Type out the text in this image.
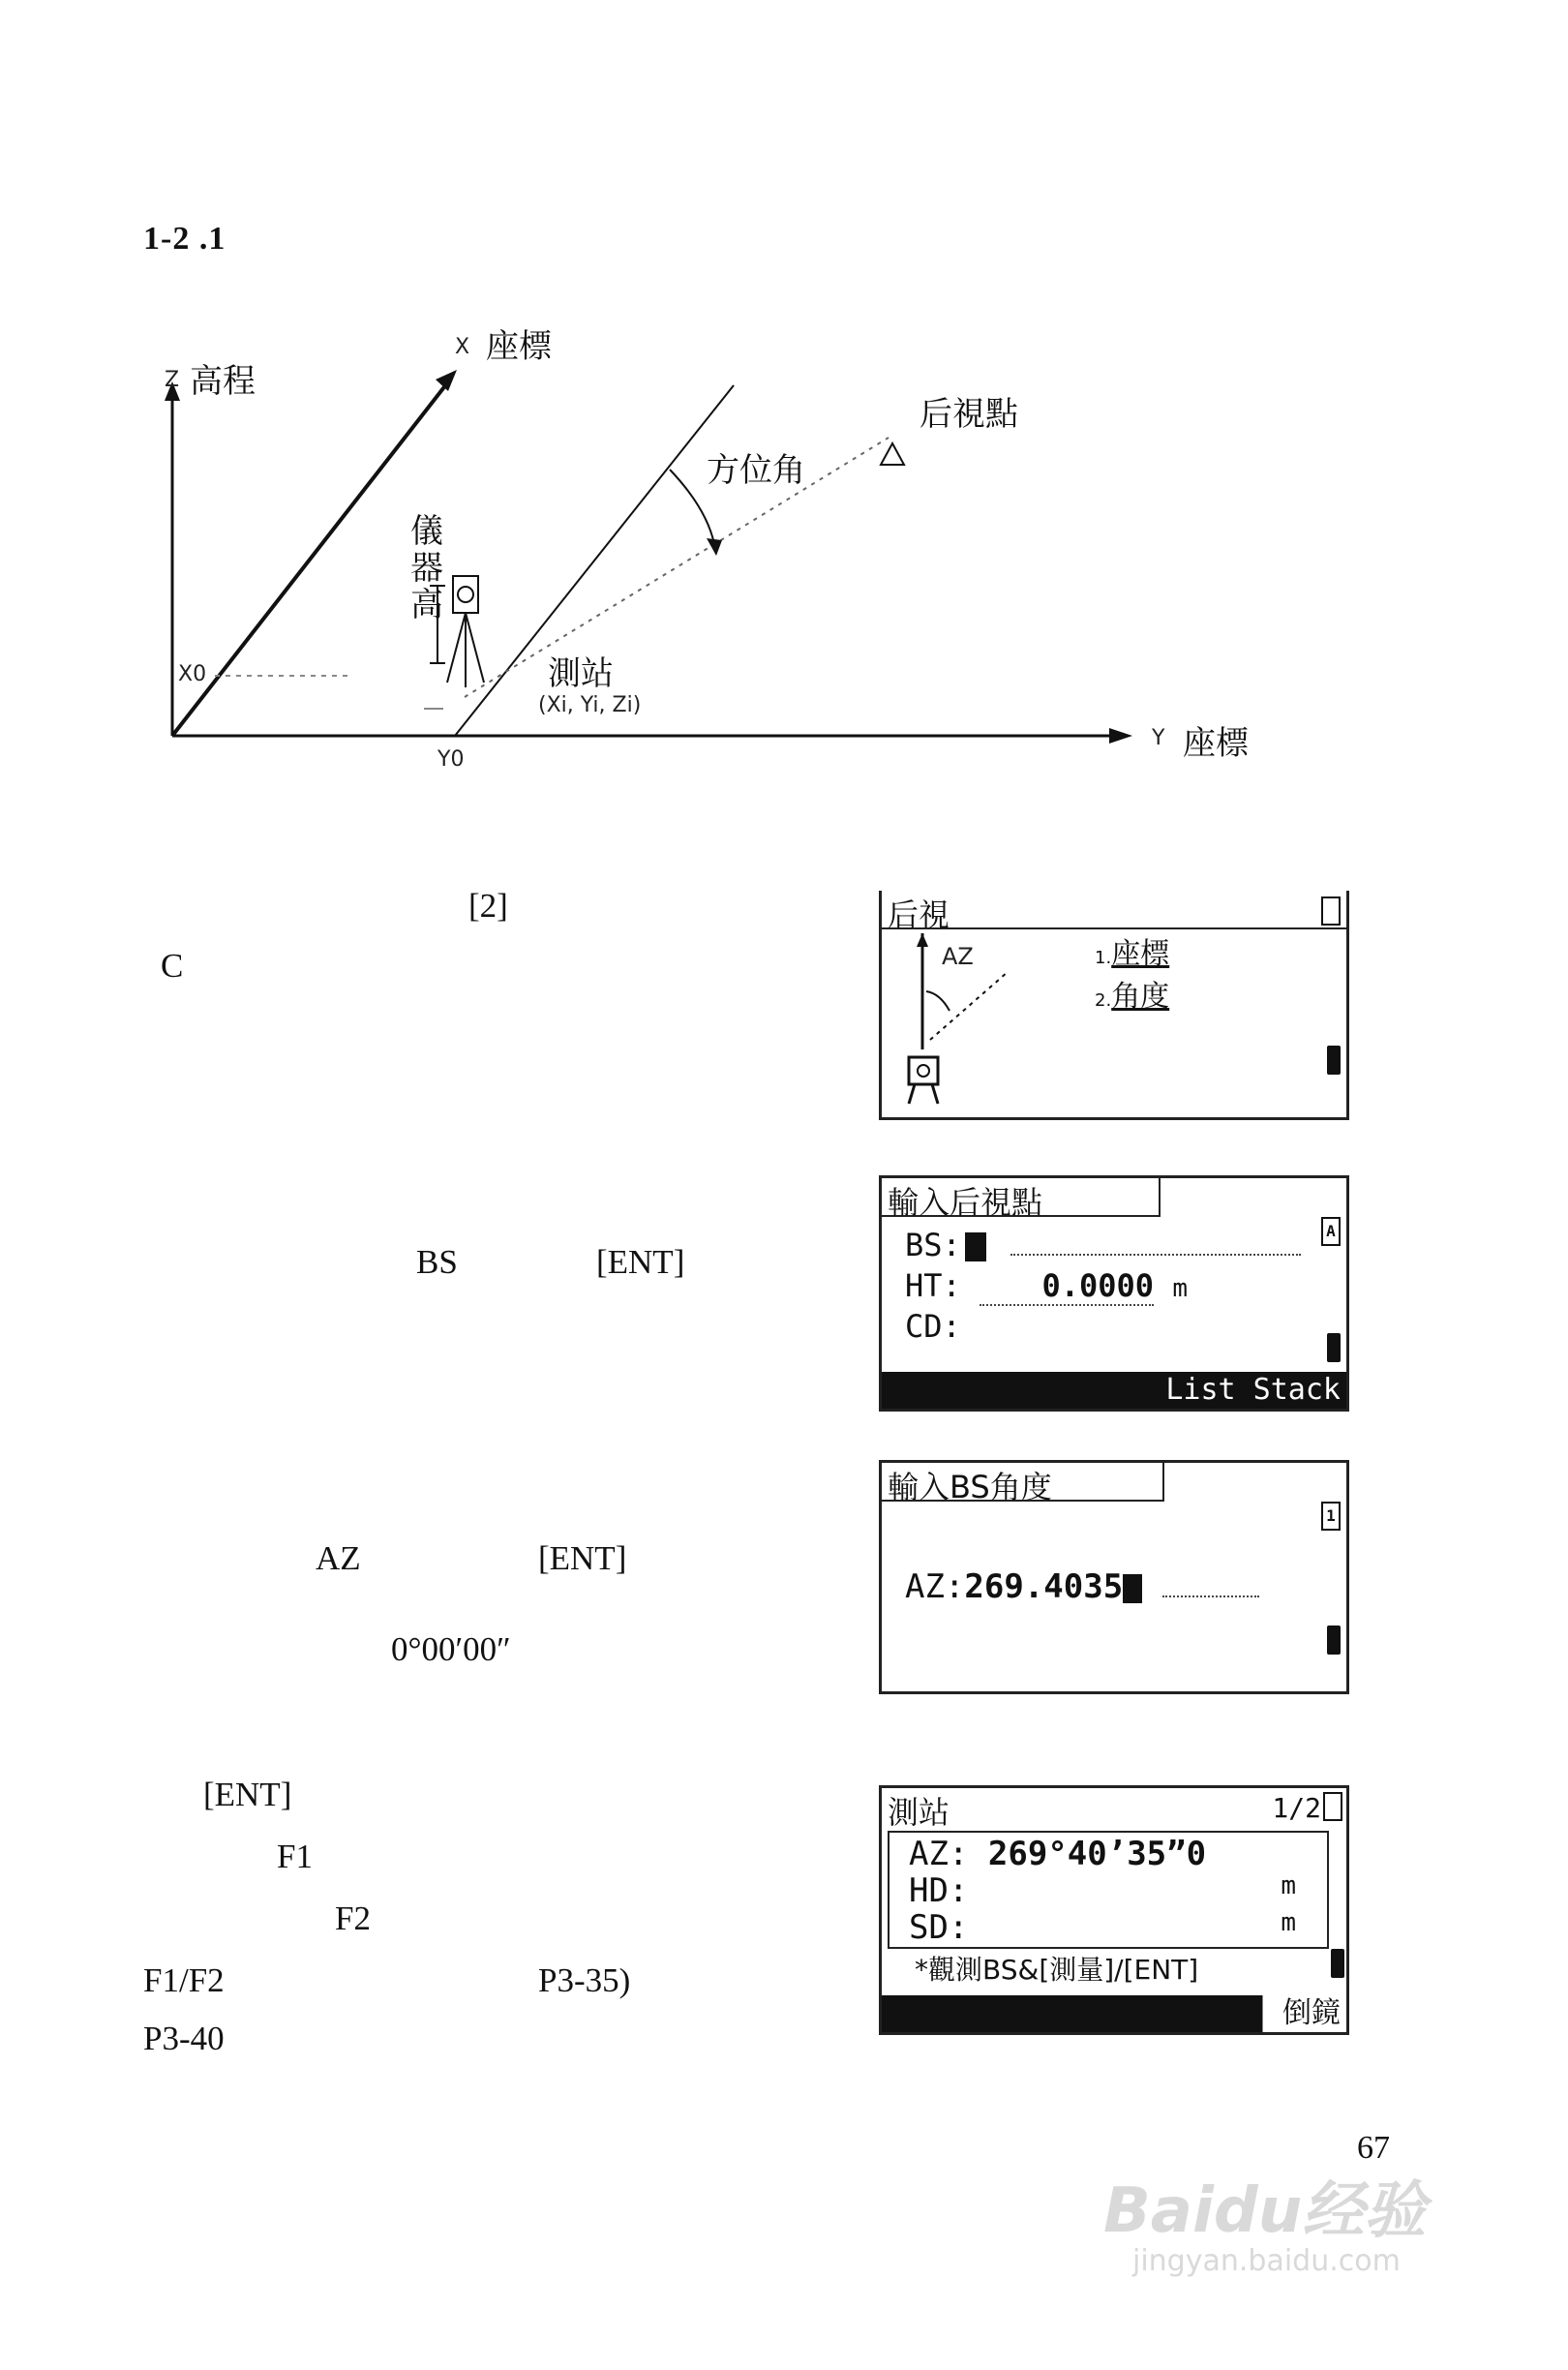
1-2 .1
Z 高程
X 座標
后視點
方位角
儀器高
測站
(Xi, Yi, Zi)
X0
Y0
Y 座標
[2]
C
BS	[ENT]
AZ	[ENT]
0°00′00″
[ENT]
F1
F2
F1/F2	P3-35)
P3-40
后視
AZ	1.座標
2.角度
輸入后視點
A
BS:
HT:	0.0000 m
CD:
List Stack
輸入BS角度
1
AZ:269.4035
測站	1/2
AZ: 269°40’35”0
HD:	m
SD:	m
*觀測BS&[測量]/[ENT]
倒鏡
67
Baidu经验
jingyan.baidu.com
